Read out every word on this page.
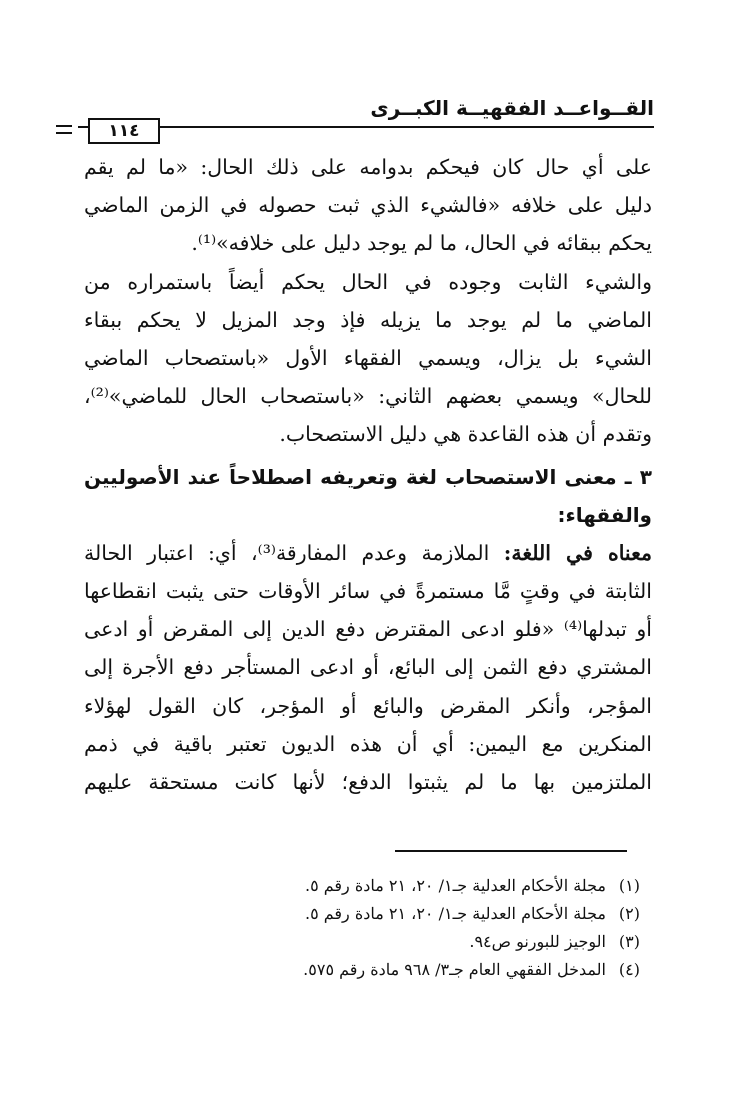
القــواعــد الفقهيــة الكبــرى
١١٤
على أي حال كان فيحكم بدوامه على ذلك الحال: «ما لم يقم
دليل على خلافه «فالشيء الذي ثبت حصوله في الزمن الماضي
يحكم ببقائه في الحال، ما لم يوجد دليل على خلافه»⁽¹⁾.
والشيء الثابت وجوده في الحال يحكم أيضاً باستمراره من
الماضي ما لم يوجد ما يزيله فإذ وجد المزيل لا يحكم ببقاء
الشيء بل يزال، ويسمي الفقهاء الأول «باستصحاب الماضي
للحال» ويسمي بعضهم الثاني: «باستصحاب الحال للماضي»⁽²⁾،
وتقدم أن هذه القاعدة هي دليل الاستصحاب.
٣ ـ معنى الاستصحاب لغة وتعريفه اصطلاحاً عند الأصوليين
والفقهاء:
معناه في اللغة: الملازمة وعدم المفارقة⁽³⁾، أي: اعتبار الحالة
الثابتة في وقتٍ مَّا مستمرةً في سائر الأوقات حتى يثبت انقطاعها
أو تبدلها⁽⁴⁾ «فلو ادعى المقترض دفع الدين إلى المقرض أو ادعى
المشتري دفع الثمن إلى البائع، أو ادعى المستأجر دفع الأجرة إلى
المؤجر، وأنكر المقرض والبائع أو المؤجر، كان القول لهؤلاء
المنكرين مع اليمين: أي أن هذه الديون تعتبر باقية في ذمم
الملتزمين بها ما لم يثبتوا الدفع؛ لأنها كانت مستحقة عليهم
(١)
مجلة الأحكام العدلية جـ١/ ٢٠، ٢١ مادة رقم ٥.
(٢)
مجلة الأحكام العدلية جـ١/ ٢٠، ٢١ مادة رقم ٥.
(٣)
الوجيز للبورنو ص٩٤.
(٤)
المدخل الفقهي العام جـ٣/ ٩٦٨ مادة رقم ٥٧٥.
